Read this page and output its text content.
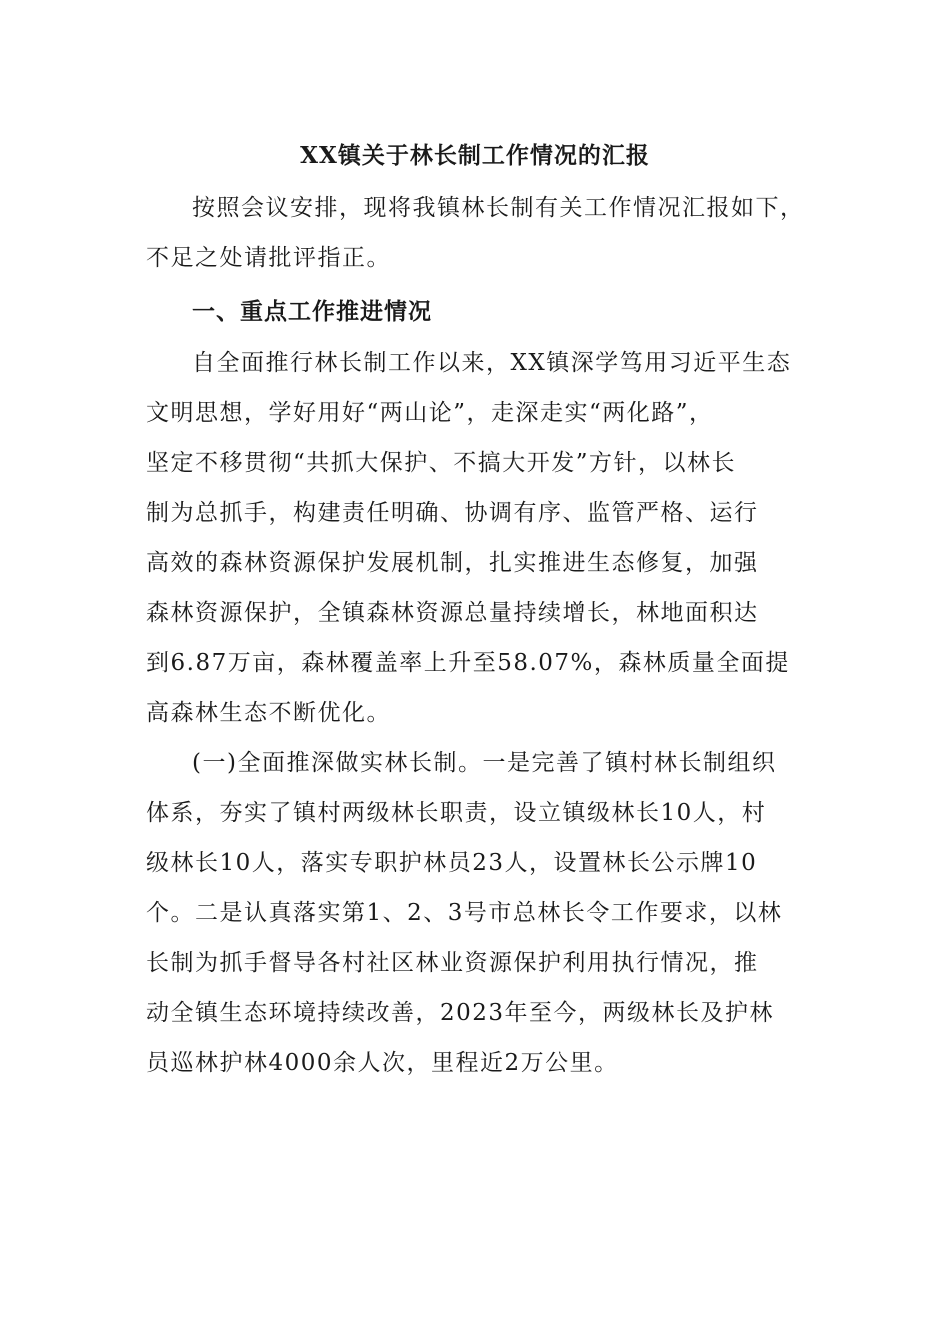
XX镇关于林长制工作情况的汇报

按照会议安排，现将我镇林长制有关工作情况汇报如下，
不足之处请批评指正。

一、重点工作推进情况

自全面推行林长制工作以来，XX镇深学笃用习近平生态
文明思想，学好用好“两山论”，走深走实“两化路”，
坚定不移贯彻“共抓大保护、不搞大开发”方针，以林长
制为总抓手，构建责任明确、协调有序、监管严格、运行
高效的森林资源保护发展机制，扎实推进生态修复，加强
森林资源保护，全镇森林资源总量持续增长，林地面积达
到6.87万亩，森林覆盖率上升至58.07%，森林质量全面提
高森林生态不断优化。

(一)全面推深做实林长制。一是完善了镇村林长制组织
体系，夯实了镇村两级林长职责，设立镇级林长10人，村
级林长10人，落实专职护林员23人，设置林长公示牌10
个。二是认真落实第1、2、3号市总林长令工作要求，以林
长制为抓手督导各村社区林业资源保护利用执行情况，推
动全镇生态环境持续改善，2023年至今，两级林长及护林
员巡林护林4000余人次，里程近2万公里。
